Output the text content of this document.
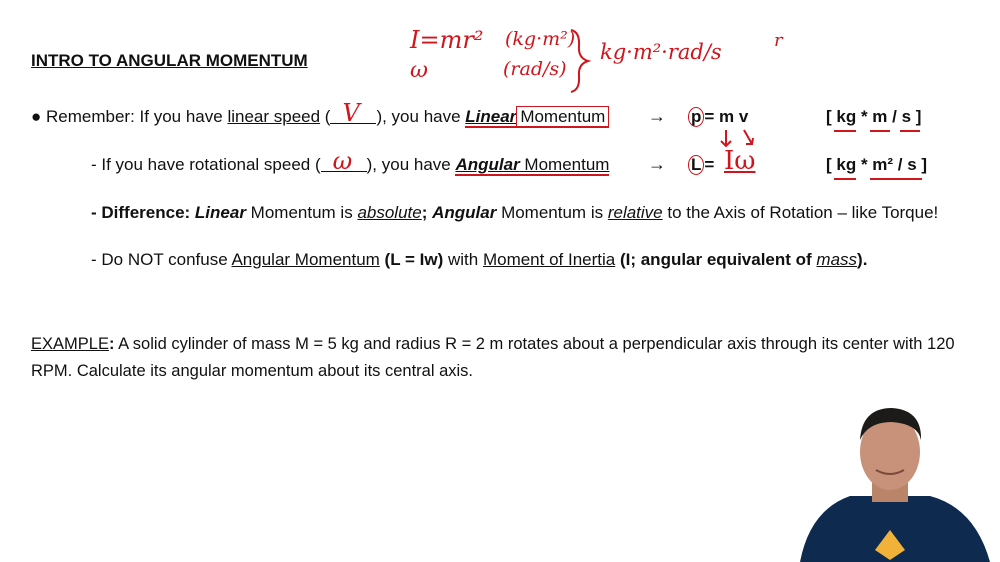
INTRO TO ANGULAR MOMENTUM
I=mr² (kg·m²)
ω	(rad/s)
kg·m²·rad/s	r
● Remember: If you have linear speed ( V ), you have Linear Momentum → p = m v	[ kg * m / s ]
- If you have rotational speed ( ω ), you have Angular Momentum → L = Iω	[ kg * m² / s ]
- Difference: Linear Momentum is absolute; Angular Momentum is relative to the Axis of Rotation – like Torque!
- Do NOT confuse Angular Momentum (L = Iw) with Moment of Inertia (I; angular equivalent of mass).
EXAMPLE: A solid cylinder of mass M = 5 kg and radius R = 2 m rotates about a perpendicular axis through its center with 120 RPM. Calculate its angular momentum about its central axis.
